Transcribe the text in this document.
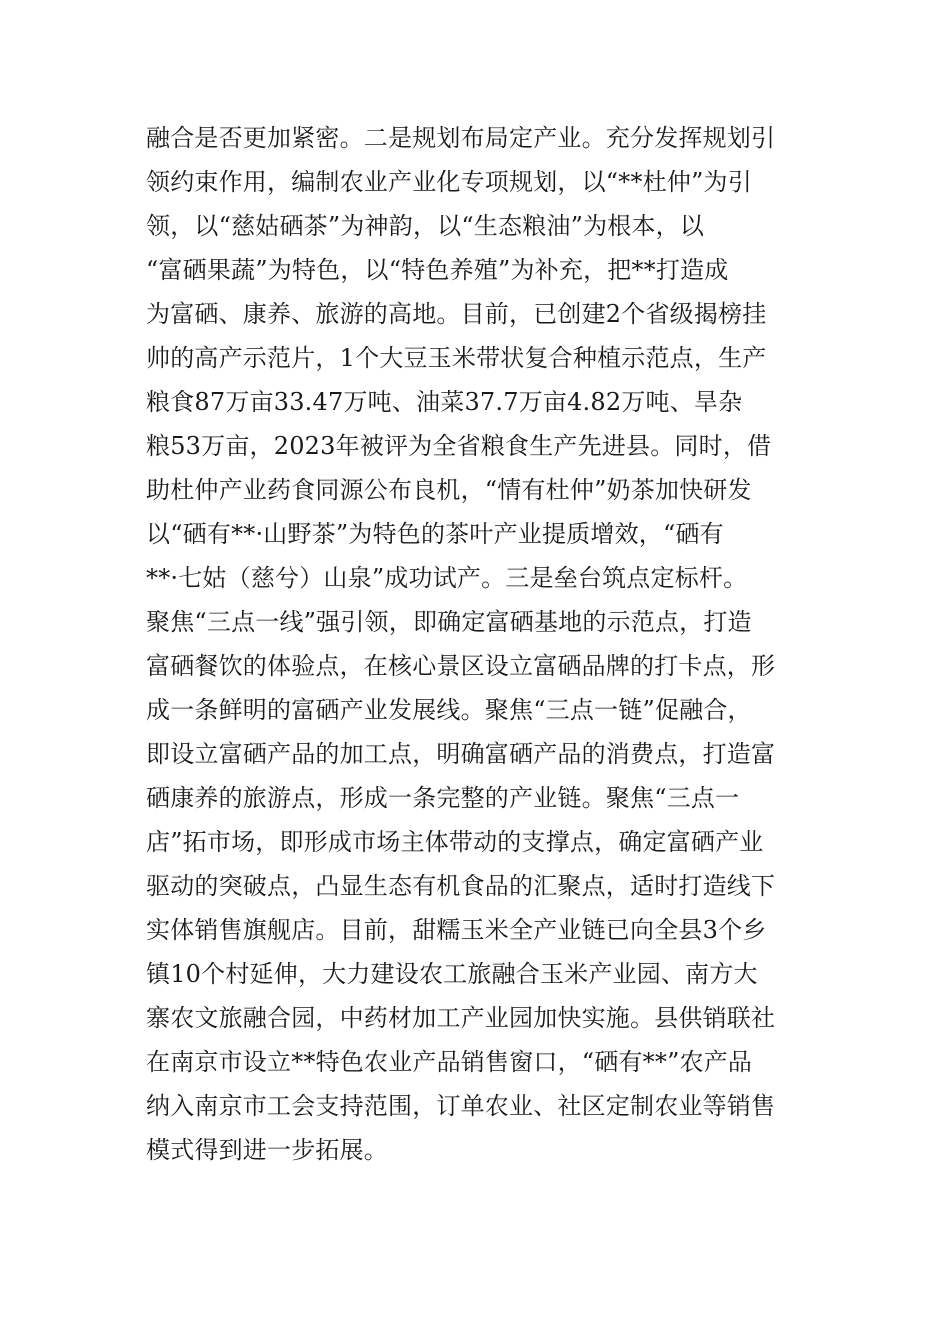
融合是否更加紧密。二是规划布局定产业。充分发挥规划引
领约束作用，编制农业产业化专项规划，以“**杜仲”为引
领，以“慈姑硒茶”为神韵，以“生态粮油”为根本，以
“富硒果蔬”为特色，以“特色养殖”为补充，把**打造成
为富硒、康养、旅游的高地。目前，已创建2个省级揭榜挂
帅的高产示范片，1个大豆玉米带状复合种植示范点，生产
粮食87万亩33.47万吨、油菜37.7万亩4.82万吨、旱杂
粮53万亩，2023年被评为全省粮食生产先进县。同时，借
助杜仲产业药食同源公布良机，“情有杜仲”奶茶加快研发
以“硒有**·山野茶”为特色的茶叶产业提质增效，“硒有
**·七姑（慈兮）山泉”成功试产。三是垒台筑点定标杆。
聚焦“三点一线”强引领，即确定富硒基地的示范点，打造
富硒餐饮的体验点，在核心景区设立富硒品牌的打卡点，形
成一条鲜明的富硒产业发展线。聚焦“三点一链”促融合，
即设立富硒产品的加工点，明确富硒产品的消费点，打造富
硒康养的旅游点，形成一条完整的产业链。聚焦“三点一
店”拓市场，即形成市场主体带动的支撑点，确定富硒产业
驱动的突破点，凸显生态有机食品的汇聚点，适时打造线下
实体销售旗舰店。目前，甜糯玉米全产业链已向全县3个乡
镇10个村延伸，大力建设农工旅融合玉米产业园、南方大
寨农文旅融合园，中药材加工产业园加快实施。县供销联社
在南京市设立**特色农业产品销售窗口，“硒有**”农产品
纳入南京市工会支持范围，订单农业、社区定制农业等销售
模式得到进一步拓展。
